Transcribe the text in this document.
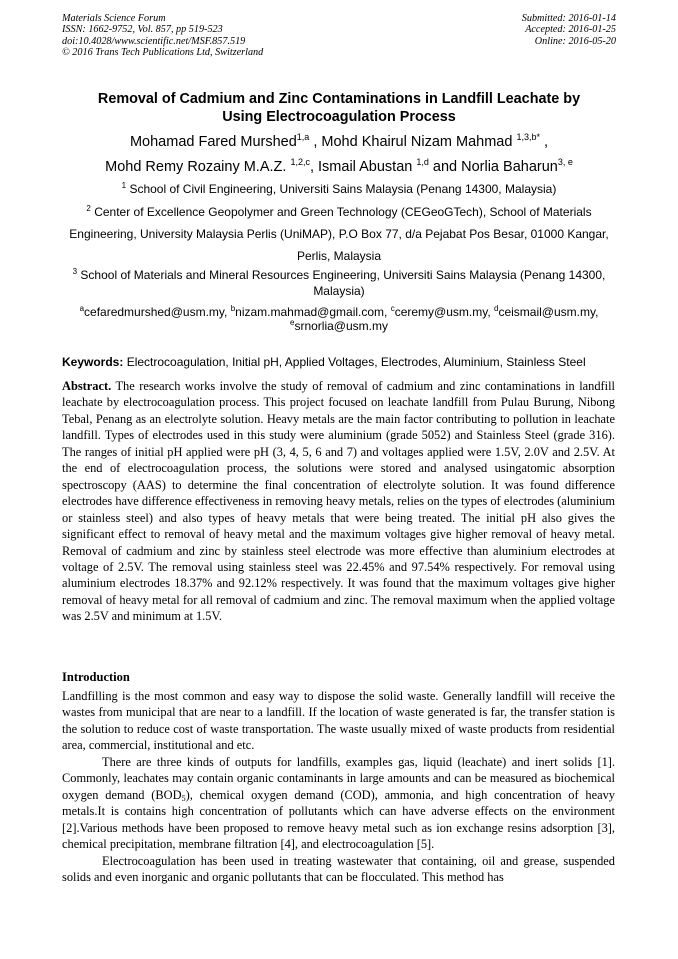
Materials Science Forum
ISSN: 1662-9752, Vol. 857, pp 519-523
doi:10.4028/www.scientific.net/MSF.857.519
© 2016 Trans Tech Publications Ltd, Switzerland
Submitted: 2016-01-14
Accepted: 2016-01-25
Online: 2016-05-20
Removal of Cadmium and Zinc Contaminations in Landfill Leachate by
Using Electrocoagulation Process
Mohamad Fared Murshed$^{1,a}$ , Mohd Khairul Nizam Mahmad $^{1,3,b*}$ ,
Mohd Remy Rozainy M.A.Z. $^{1,2,c}$, Ismail Abustan $^{1,d}$ and Norlia Baharun$^{3, e}$
$^1$ School of Civil Engineering, Universiti Sains Malaysia (Penang 14300, Malaysia)
$^2$ Center of Excellence Geopolymer and Green Technology (CEGeoGTech), School of Materials Engineering, University Malaysia Perlis (UniMAP), P.O Box 77, d/a Pejabat Pos Besar, 01000 Kangar, Perlis, Malaysia
$^3$ School of Materials and Mineral Resources Engineering, Universiti Sains Malaysia (Penang 14300, Malaysia)
$^a$cefaredmurshed@usm.my, $^b$nizam.mahmad@gmail.com, $^c$ceremy@usm.my, $^d$ceismail@usm.my,
$^e$srnorlia@usm.my
Keywords: Electrocoagulation, Initial pH, Applied Voltages, Electrodes, Aluminium, Stainless Steel
Abstract. The research works involve the study of removal of cadmium and zinc contaminations in landfill leachate by electrocoagulation process. This project focused on leachate landfill from Pulau Burung, Nibong Tebal, Penang as an electrolyte solution. Heavy metals are the main factor contributing to pollution in leachate landfill. Types of electrodes used in this study were aluminium (grade 5052) and Stainless Steel (grade 316). The ranges of initial pH applied were pH (3, 4, 5, 6 and 7) and voltages applied were 1.5V, 2.0V and 2.5V. At the end of electrocoagulation process, the solutions were stored and analysed usingatomic absorption spectroscopy (AAS) to determine the final concentration of electrolyte solution. It was found difference electrodes have difference effectiveness in removing heavy metals, relies on the types of electrodes (aluminium or stainless steel) and also types of heavy metals that were being treated. The initial pH also gives the significant effect to removal of heavy metal and the maximum voltages give higher removal of heavy metal. Removal of cadmium and zinc by stainless steel electrode was more effective than aluminium electrodes at voltage of 2.5V. The removal using stainless steel was 22.45% and 97.54% respectively. For removal using aluminium electrodes 18.37% and 92.12% respectively. It was found that the maximum voltages give higher removal of heavy metal for all removal of cadmium and zinc. The removal maximum when the applied voltage was 2.5V and minimum at 1.5V.
Introduction

Landfilling is the most common and easy way to dispose the solid waste. Generally landfill will receive the wastes from municipal that are near to a landfill. If the location of waste generated is far, the transfer station is the solution to reduce cost of waste transportation. The waste usually mixed of waste products from residential area, commercial, institutional and etc.

There are three kinds of outputs for landfills, examples gas, liquid (leachate) and inert solids [1]. Commonly, leachates may contain organic contaminants in large amounts and can be measured as biochemical oxygen demand $(BOD_5)$, chemical oxygen demand (COD), ammonia, and high concentration of heavy metals.It is contains high concentration of pollutants which can have adverse effects on the environment [2].Various methods have been proposed to remove heavy metal such as ion exchange resins adsorption [3], chemical precipitation, membrane filtration [4], and electrocoagulation [5].

Electrocoagulation has been used in treating wastewater that containing, oil and grease, suspended solids and even inorganic and organic pollutants that can be flocculated. This method has
